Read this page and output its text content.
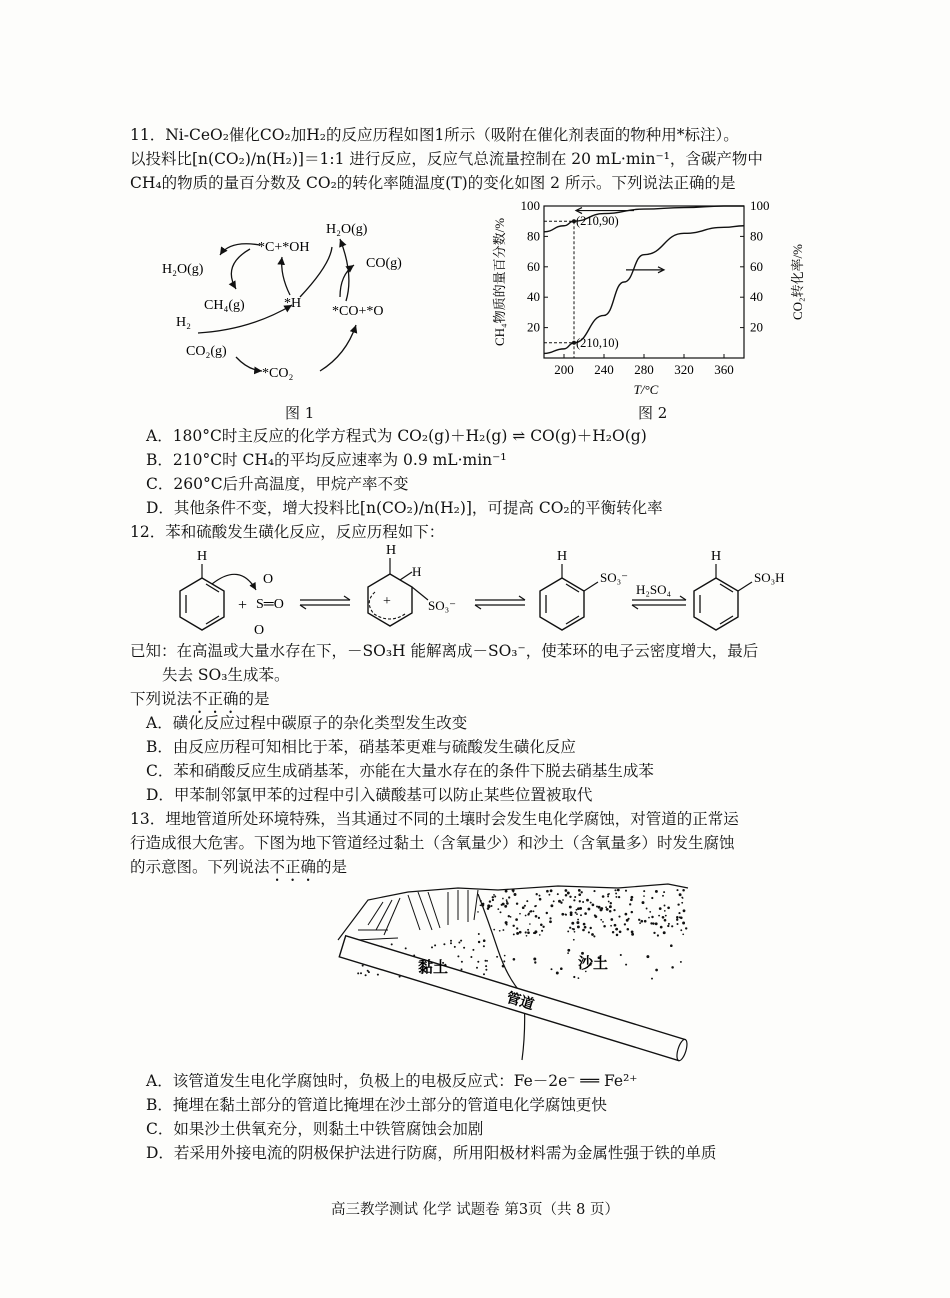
11．Ni-CeO₂催化CO₂加H₂的反应历程如图1所示（吸附在催化剂表面的物种用*标注）。
以投料比[n(CO₂)/n(H₂)]＝1:1 进行反应，反应气总流量控制在 20 mL·min⁻¹，含碳产物中
CH₄的物质的量百分数及 CO₂的转化率随温度(T)的变化如图 2 所示。下列说法正确的是
H₂O(g)
*C+*OH
H₂O(g)
CO(g)
CH₄(g)	*H
*CO+*O
H₂
CO₂(g)
*CO₂
图 1
200 240 280 320 360
20	20
40	40
60	60
80	80
100	100
(210,90)
(210,10)
CH₄物质的量百分数/%	CO₂转化率/%
T/°C
图 2
A．180°C时主反应的化学方程式为 CO₂(g)＋H₂(g) ⇌ CO(g)＋H₂O(g)
B．210°C时 CH₄的平均反应速率为 0.9 mL·min⁻¹
C．260°C后升高温度，甲烷产率不变
D．其他条件不变，增大投料比[n(CO₂)/n(H₂)]，可提高 CO₂的平衡转化率
12．苯和硫酸发生磺化反应，反应历程如下：
H
+
O
S═O
O
+
H
H
SO₃⁻
H
SO₃⁻
H₂SO₄
H
SO₃H
已知：在高温或大量水存在下，－SO₃H 能解离成－SO₃⁻，使苯环的电子云密度增大，最后
失去 SO₃生成苯。
下列说法不正确的是
A．磺化反应过程中碳原子的杂化类型发生改变
B．由反应历程可知相比于苯，硝基苯更难与硫酸发生磺化反应
C．苯和硝酸反应生成硝基苯，亦能在大量水存在的条件下脱去硝基生成苯
D．甲苯制邻氯甲苯的过程中引入磺酸基可以防止某些位置被取代
13．埋地管道所处环境特殊，当其通过不同的土壤时会发生电化学腐蚀，对管道的正常运
行造成很大危害。下图为地下管道经过黏土（含氧量少）和沙土（含氧量多）时发生腐蚀
的示意图。下列说法不正确的是
管道
黏土	沙土
A．该管道发生电化学腐蚀时，负极上的电极反应式：Fe－2e⁻ ══ Fe²⁺
B．掩埋在黏土部分的管道比掩埋在沙土部分的管道电化学腐蚀更快
C．如果沙土供氧充分，则黏土中铁管腐蚀会加剧
D．若采用外接电流的阴极保护法进行防腐，所用阳极材料需为金属性强于铁的单质
高三教学测试 化学 试题卷 第3页（共 8 页）
